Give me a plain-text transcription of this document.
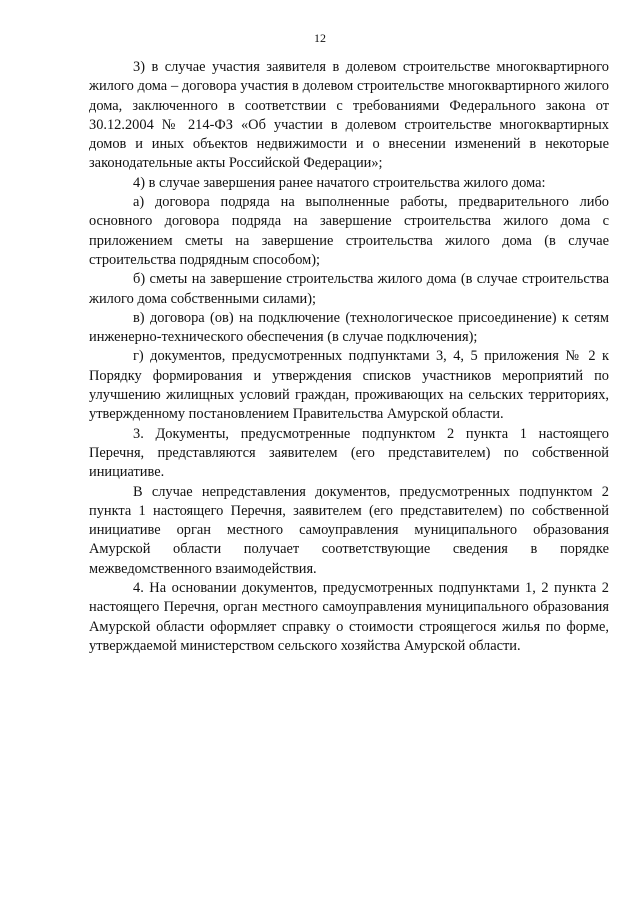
12

3) в случае участия заявителя в долевом строительстве многоквартирного жилого дома – договора участия в долевом строительстве многоквартирного жилого дома, заключенного в соответствии с требованиями Федерального закона от 30.12.2004 № 214-ФЗ «Об участии в долевом строительстве многоквартирных домов и иных объектов недвижимости и о внесении изменений в некоторые законодательные акты Российской Федерации»;

4) в случае завершения ранее начатого строительства жилого дома:

а) договора подряда на выполненные работы, предварительного либо основного договора подряда на завершение строительства жилого дома с приложением сметы на завершение строительства жилого дома (в случае строительства подрядным способом);

б) сметы на завершение строительства жилого дома (в случае строительства жилого дома собственными силами);

в) договора (ов) на подключение (технологическое присоединение) к сетям инженерно-технического обеспечения (в случае подключения);

г) документов, предусмотренных подпунктами 3, 4, 5 приложения № 2 к Порядку формирования и утверждения списков участников мероприятий по улучшению жилищных условий граждан, проживающих на сельских территориях, утвержденному постановлением Правительства Амурской области.

3. Документы, предусмотренные подпунктом 2 пункта 1 настоящего Перечня, представляются заявителем (его представителем) по собственной инициативе.

В случае непредставления документов, предусмотренных подпунктом 2 пункта 1 настоящего Перечня, заявителем (его представителем) по собственной инициативе орган местного самоуправления муниципального образования Амурской области получает соответствующие сведения в порядке межведомственного взаимодействия.

4. На основании документов, предусмотренных подпунктами 1, 2 пункта 2 настоящего Перечня, орган местного самоуправления муниципального образования Амурской области оформляет справку о стоимости строящегося жилья по форме, утверждаемой министерством сельского хозяйства Амурской области.
